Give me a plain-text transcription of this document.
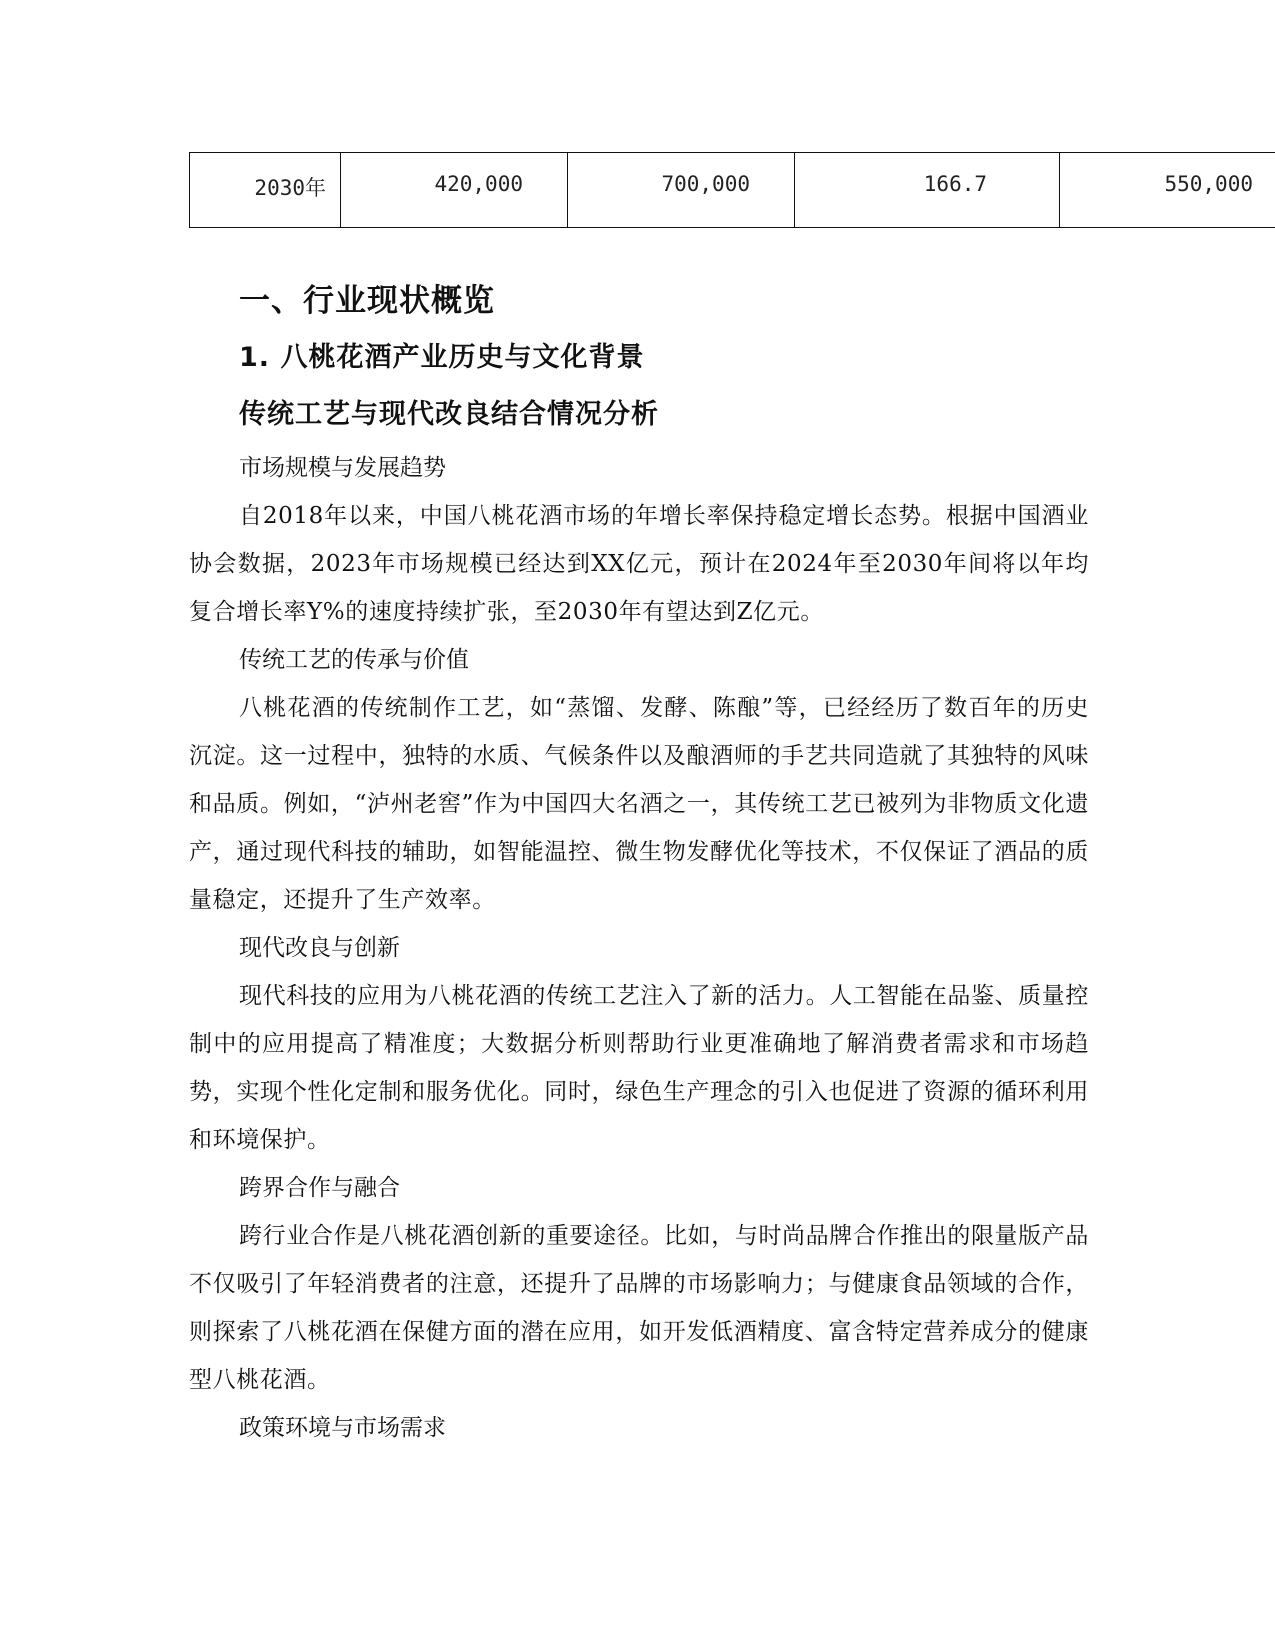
2030年	420,000	700,000	166.7	550,000
一、行业现状概览
1. 八桃花酒产业历史与文化背景
传统工艺与现代改良结合情况分析

市场规模与发展趋势

自2018年以来，中国八桃花酒市场的年增长率保持稳定增长态势。根据中国酒业协会数据，2023年市场规模已经达到XX亿元，预计在2024年至2030年间将以年均复合增长率Y%的速度持续扩张，至2030年有望达到Z亿元。

传统工艺的传承与价值

八桃花酒的传统制作工艺，如“蒸馏、发酵、陈酿”等，已经经历了数百年的历史沉淀。这一过程中，独特的水质、气候条件以及酿酒师的手艺共同造就了其独特的风味和品质。例如，“泸州老窖”作为中国四大名酒之一，其传统工艺已被列为非物质文化遗产，通过现代科技的辅助，如智能温控、微生物发酵优化等技术，不仅保证了酒品的质量稳定，还提升了生产效率。

现代改良与创新

现代科技的应用为八桃花酒的传统工艺注入了新的活力。人工智能在品鉴、质量控制中的应用提高了精准度；大数据分析则帮助行业更准确地了解消费者需求和市场趋势，实现个性化定制和服务优化。同时，绿色生产理念的引入也促进了资源的循环利用和环境保护。

跨界合作与融合

跨行业合作是八桃花酒创新的重要途径。比如，与时尚品牌合作推出的限量版产品不仅吸引了年轻消费者的注意，还提升了品牌的市场影响力；与健康食品领域的合作，则探索了八桃花酒在保健方面的潜在应用，如开发低酒精度、富含特定营养成分的健康型八桃花酒。

政策环境与市场需求
